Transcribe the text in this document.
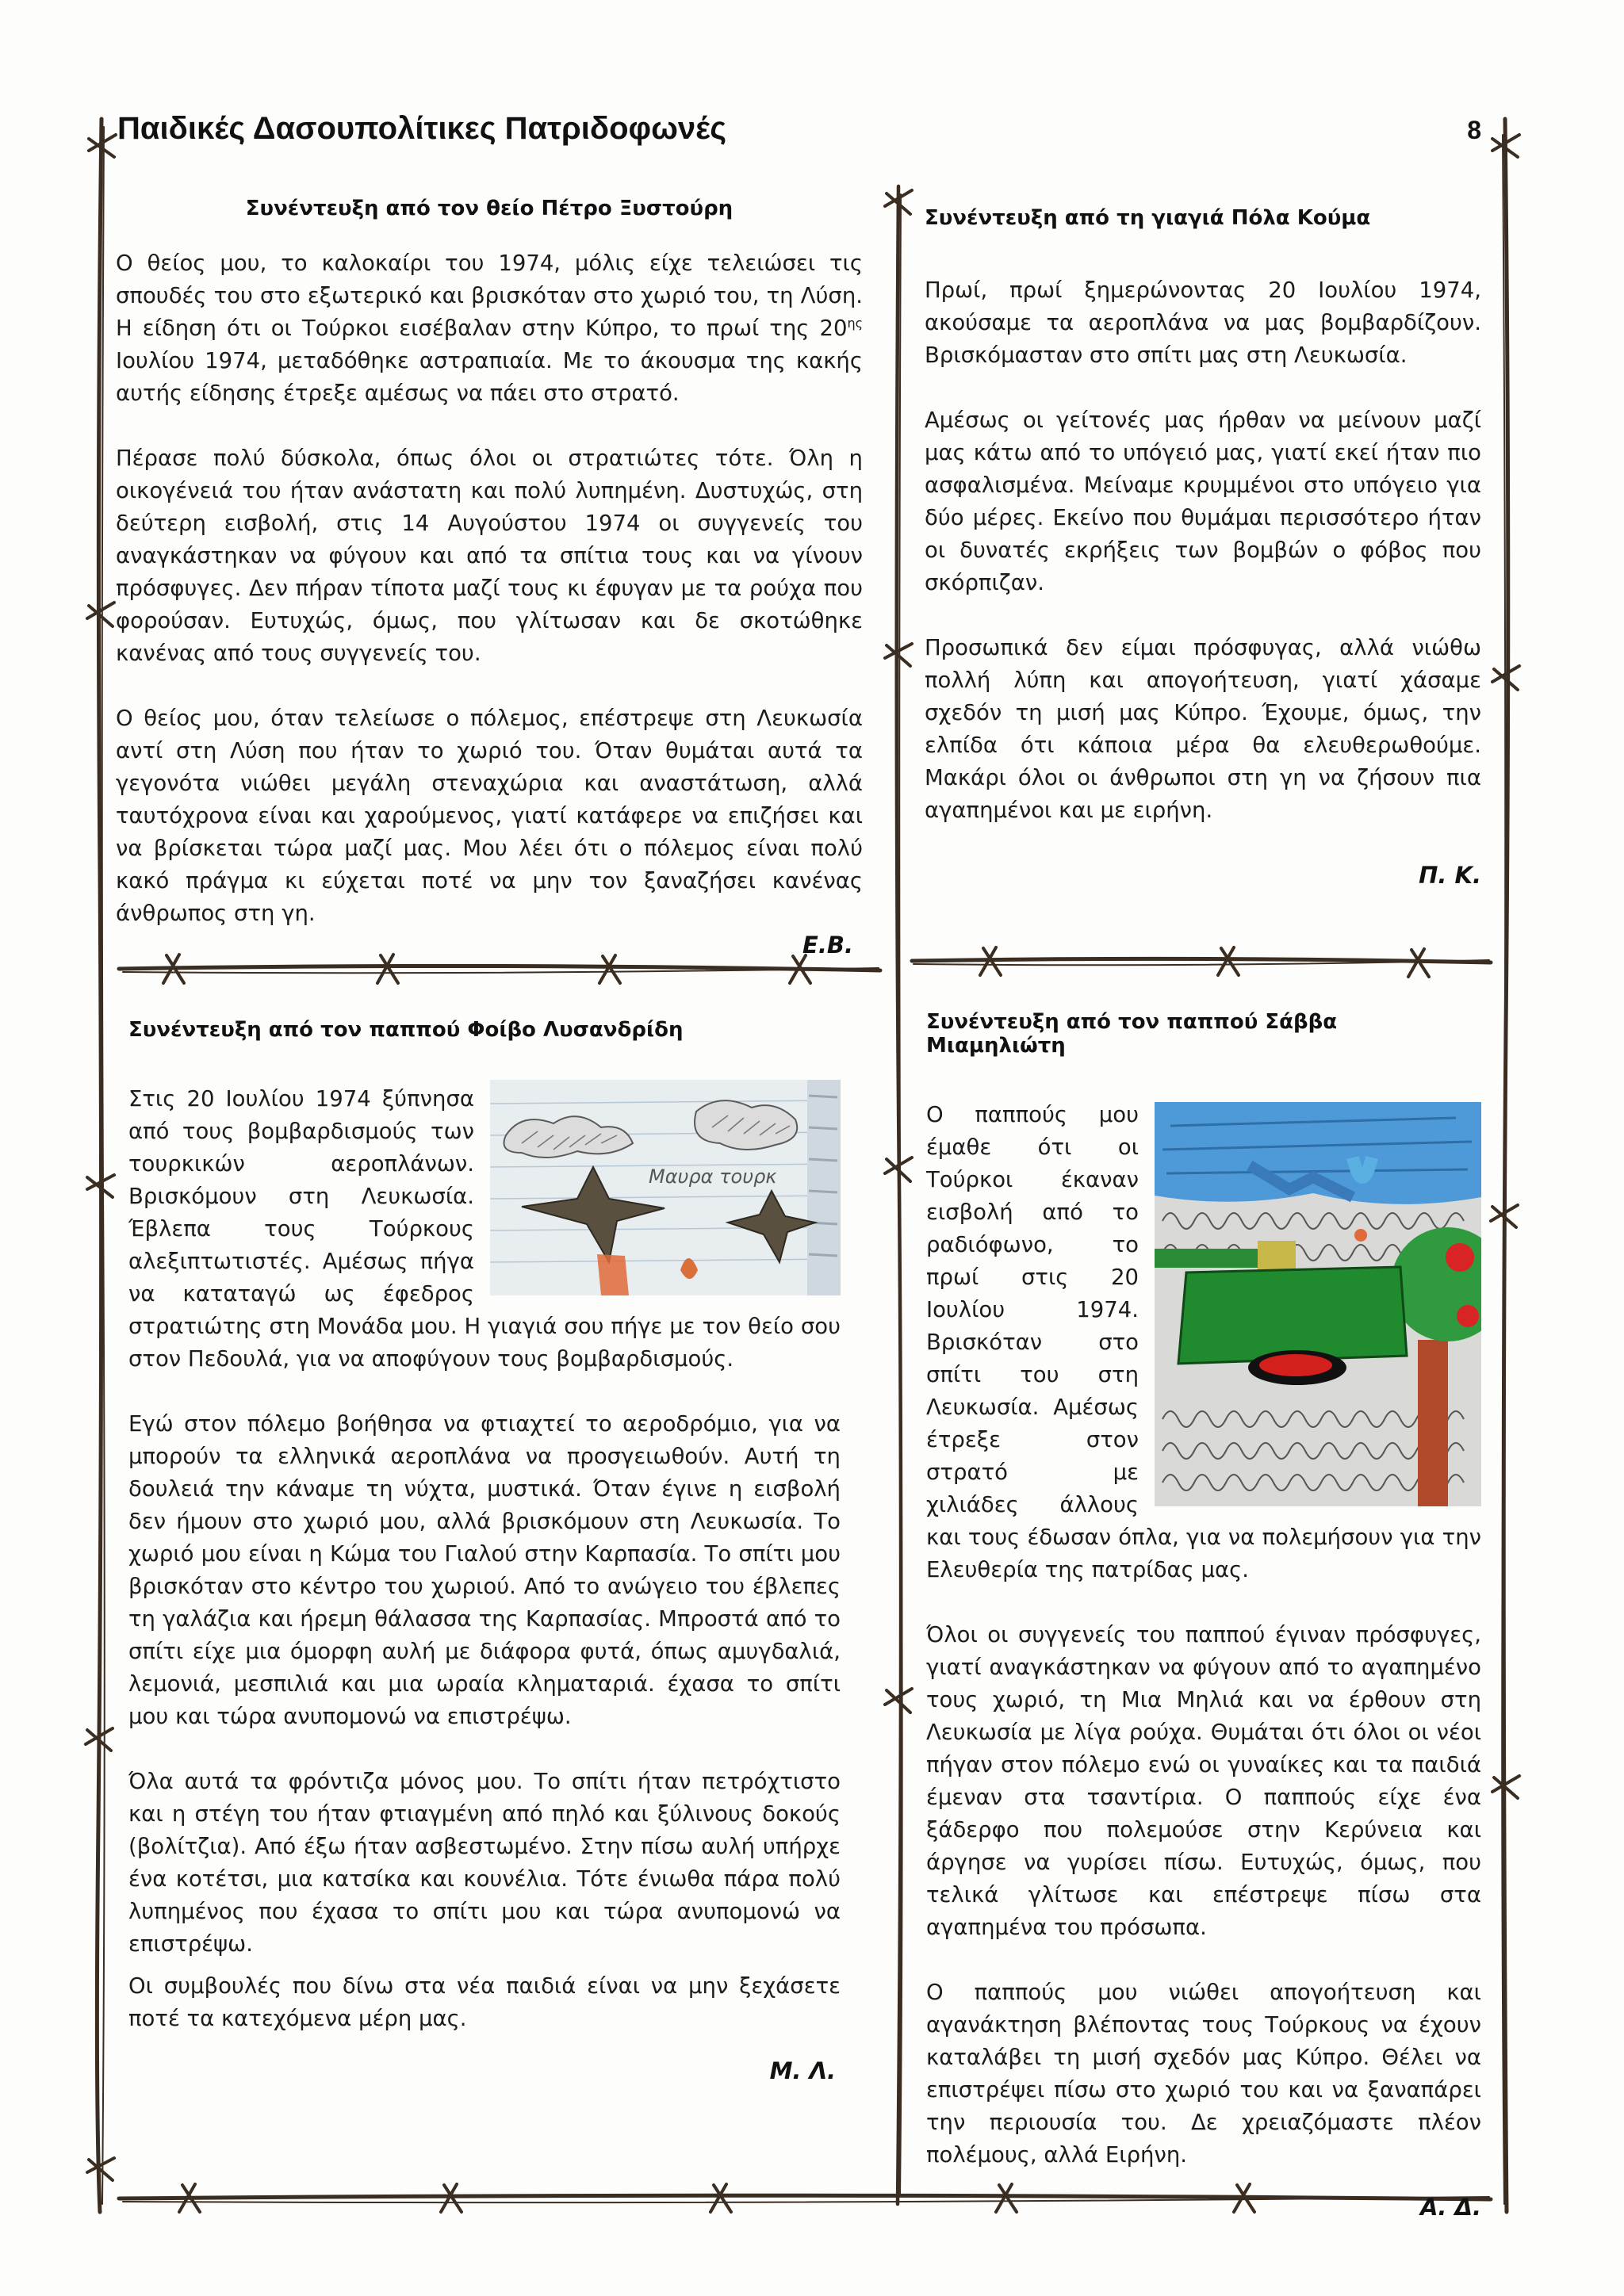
Παιδικές Δασουπολίτικες Πατριδοφωνές	8
Συνέντευξη από τον θείο Πέτρο Ξυστούρη

Ο θείος μου, το καλοκαίρι του 1974, μόλις είχε τελειώσει τις σπουδές του στο εξωτερικό και βρισκόταν στο χωριό του, τη Λύση. Η είδηση ότι οι Τούρκοι εισέβαλαν στην Κύπρο, το πρωί της $20^{\eta\varsigma}$ Ιουλίου 1974, μεταδόθηκε αστραπιαία. Με το άκουσμα της κακής αυτής είδησης έτρεξε αμέσως να πάει στο στρατό.

Πέρασε πολύ δύσκολα, όπως όλοι οι στρατιώτες τότε. Όλη η οικογένειά του ήταν ανάστατη και πολύ λυπημένη. Δυστυχώς, στη δεύτερη εισβολή, στις 14 Αυγούστου 1974 οι συγγενείς του αναγκάστηκαν να φύγουν και από τα σπίτια τους και να γίνουν πρόσφυγες. Δεν πήραν τίποτα μαζί τους κι έφυγαν με τα ρούχα που φορούσαν. Ευτυχώς, όμως, που γλίτωσαν και δε σκοτώθηκε κανένας από τους συγγενείς του.

Ο θείος μου, όταν τελείωσε ο πόλεμος, επέστρεψε στη Λευκωσία αντί στη Λύση που ήταν το χωριό του. Όταν θυμάται αυτά τα γεγονότα νιώθει μεγάλη στεναχώρια και αναστάτωση, αλλά ταυτόχρονα είναι και χαρούμενος, γιατί κατάφερε να επιζήσει και να βρίσκεται τώρα μαζί μας. Μου λέει ότι ο πόλεμος είναι πολύ κακό πράγμα κι εύχεται ποτέ να μην τον ξαναζήσει κανένας άνθρωπος στη γη.

Ε.Β.

Συνέντευξη από τη γιαγιά Πόλα Κούμα

Πρωί, πρωί ξημερώνοντας 20 Ιουλίου 1974, ακούσαμε τα αεροπλάνα να μας βομβαρδίζουν. Βρισκόμασταν στο σπίτι μας στη Λευκωσία.

Αμέσως οι γείτονές μας ήρθαν να μείνουν μαζί μας κάτω από το υπόγειό μας, γιατί εκεί ήταν πιο ασφαλισμένα. Μείναμε κρυμμένοι στο υπόγειο για δύο μέρες. Εκείνο που θυμάμαι περισσότερο ήταν οι δυνατές εκρήξεις των βομβών ο φόβος που σκόρπιζαν.

Προσωπικά δεν είμαι πρόσφυγας, αλλά νιώθω πολλή λύπη και απογοήτευση, γιατί χάσαμε σχεδόν τη μισή μας Κύπρο. Έχουμε, όμως, την ελπίδα ότι κάποια μέρα θα ελευθερωθούμε. Μακάρι όλοι οι άνθρωποι στη γη να ζήσουν πια αγαπημένοι και με ειρήνη.

Π. Κ.

Συνέντευξη από τον παππού Φοίβο Λυσανδρίδη

Μαυρα τουρκ
Στις 20 Ιουλίου 1974 ξύπνησα από τους βομβαρδισμούς των τουρκικών αεροπλάνων. Βρισκόμουν στη Λευκωσία. Έβλεπα τους Τούρκους αλεξιπτωτιστές. Αμέσως πήγα να καταταγώ ως έφεδρος στρατιώτης στη Μονάδα μου. Η γιαγιά σου πήγε με τον θείο σου στον Πεδουλά, για να αποφύγουν τους βομβαρδισμούς.

Εγώ στον πόλεμο βοήθησα να φτιαχτεί το αεροδρόμιο, για να μπορούν τα ελληνικά αεροπλάνα να προσγειωθούν. Αυτή τη δουλειά την κάναμε τη νύχτα, μυστικά. Όταν έγινε η εισβολή δεν ήμουν στο χωριό μου, αλλά βρισκόμουν στη Λευκωσία. Το χωριό μου είναι η Κώμα του Γιαλού στην Καρπασία. Το σπίτι μου βρισκόταν στο κέντρο του χωριού. Από το ανώγειο του έβλεπες τη γαλάζια και ήρεμη θάλασσα της Καρπασίας. Μπροστά από το σπίτι είχε μια όμορφη αυλή με διάφορα φυτά, όπως αμυγδαλιά, λεμονιά, μεσπιλιά και μια ωραία κληματαριά. έχασα το σπίτι μου και τώρα ανυπομονώ να επιστρέψω.

Όλα αυτά τα φρόντιζα μόνος μου. Το σπίτι ήταν πετρόχτιστο και η στέγη του ήταν φτιαγμένη από πηλό και ξύλινους δοκούς (βολίτζια). Από έξω ήταν ασβεστωμένο. Στην πίσω αυλή υπήρχε ένα κοτέτσι, μια κατσίκα και κουνέλια. Τότε ένιωθα πάρα πολύ λυπημένος που έχασα το σπίτι μου και τώρα ανυπομονώ να επιστρέψω.

Οι συμβουλές που δίνω στα νέα παιδιά είναι να μην ξεχάσετε ποτέ τα κατεχόμενα μέρη μας.

Μ. Λ.

Συνέντευξη από τον παππού Σάββα Μιαμηλιώτη

Ο παππούς μου έμαθε ότι οι Τούρκοι έκαναν εισβολή από το ραδιόφωνο, το πρωί στις 20 Ιουλίου 1974. Βρισκόταν στο σπίτι του στη Λευκωσία. Αμέσως έτρεξε στον στρατό με χιλιάδες άλλους και τους έδωσαν όπλα, για να πολεμήσουν για την Ελευθερία της πατρίδας μας.

Όλοι οι συγγενείς του παππού έγιναν πρόσφυγες, γιατί αναγκάστηκαν να φύγουν από το αγαπημένο τους χωριό, τη Μια Μηλιά και να έρθουν στη Λευκωσία με λίγα ρούχα. Θυμάται ότι όλοι οι νέοι πήγαν στον πόλεμο ενώ οι γυναίκες και τα παιδιά έμεναν στα τσαντίρια. Ο παππούς είχε ένα ξάδερφο που πολεμούσε στην Κερύνεια και άργησε να γυρίσει πίσω. Ευτυχώς, όμως, που τελικά γλίτωσε και επέστρεψε πίσω στα αγαπημένα του πρόσωπα.

Ο παππούς μου νιώθει απογοήτευση και αγανάκτηση βλέποντας τους Τούρκους να έχουν καταλάβει τη μισή σχεδόν μας Κύπρο. Θέλει να επιστρέψει πίσω στο χωριό του και να ξαναπάρει την περιουσία του. Δε χρειαζόμαστε πλέον πολέμους, αλλά Ειρήνη.

Α. Δ.
